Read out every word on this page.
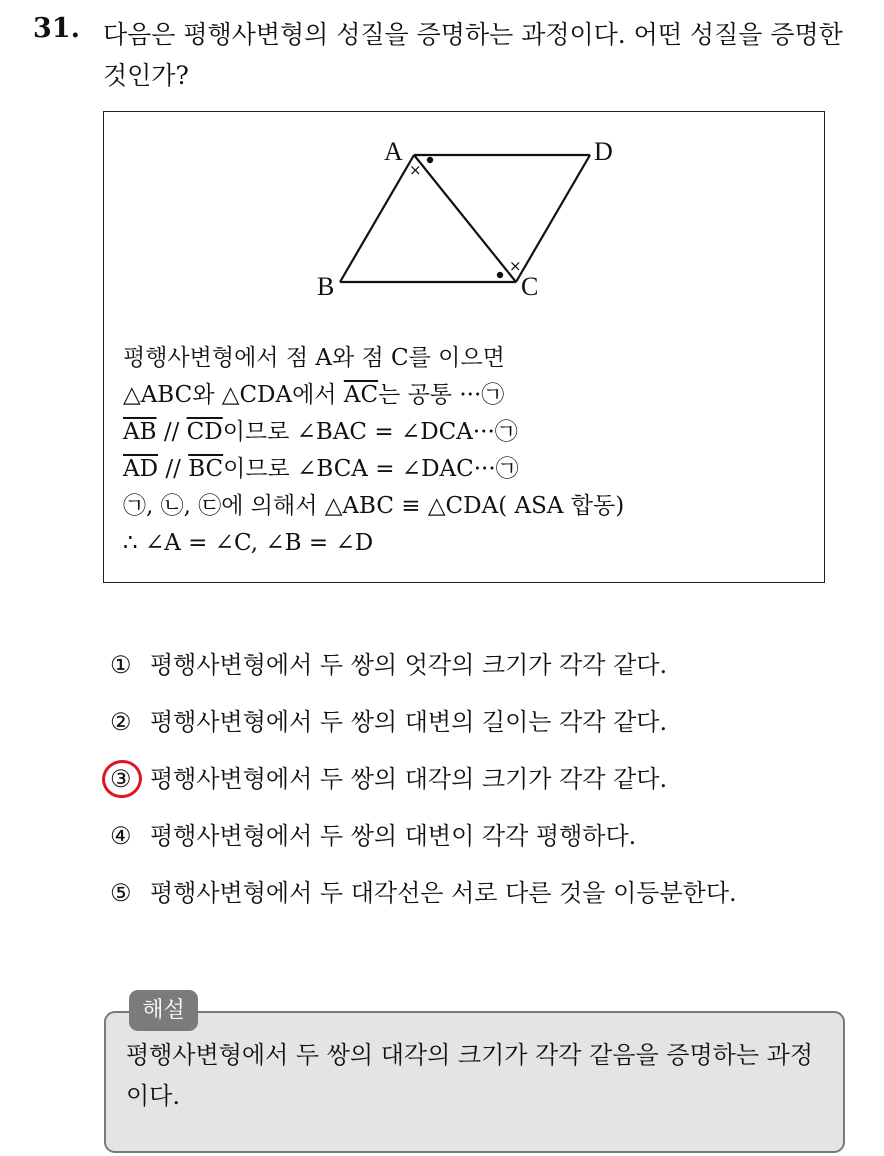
31. 다음은 평행사변형의 성질을 증명하는 과정이다. 어떤 성질을 증명한 것인가?
A	D
B	C
×
×
평행사변형에서 점 A와 점 C를 이으면
△ABC와 △CDA에서 $\overline{AC}$는 공통 ···㉠
$\overline{AB} // \overline{CD}$이므로 ∠BAC = ∠DCA···㉠
$\overline{AD} // \overline{BC}$이므로 ∠BCA = ∠DAC···㉠
㉠, ㉡, ㉢에 의해서 △ABC ≡ △CDA( ASA 합동)
∴ ∠A = ∠C, ∠B = ∠D
① 평행사변형에서 두 쌍의 엇각의 크기가 각각 같다.
② 평행사변형에서 두 쌍의 대변의 길이는 각각 같다.
③ 평행사변형에서 두 쌍의 대각의 크기가 각각 같다.
④ 평행사변형에서 두 쌍의 대변이 각각 평행하다.
⑤ 평행사변형에서 두 대각선은 서로 다른 것을 이등분한다.
해설
평행사변형에서 두 쌍의 대각의 크기가 각각 같음을 증명하는 과정이다.
